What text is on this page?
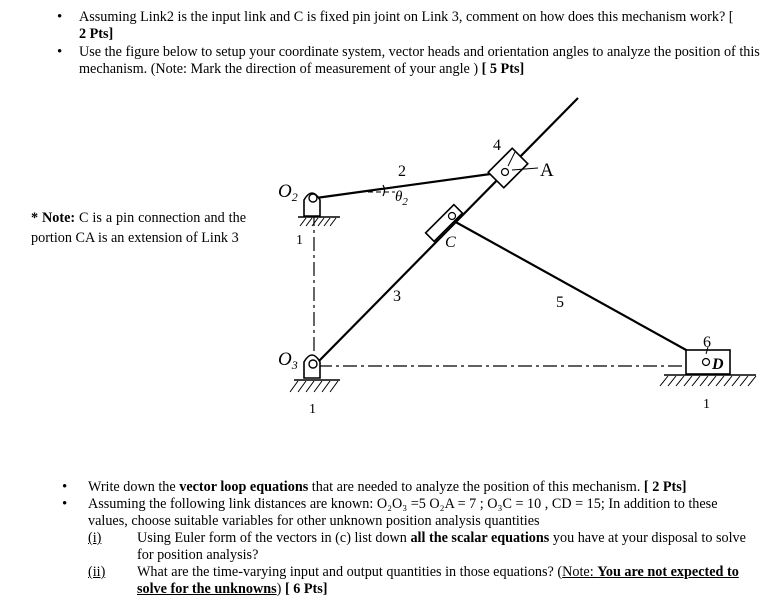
• Assuming Link2 is the input link and C is fixed pin joint on Link 3, comment on how does this mechanism work? [
2 Pts]
• Use the figure below to setup your coordinate system, vector heads and orientation angles to analyze the position of this mechanism. (Note: Mark the direction of measurement of your angle ) [ 5 Pts]
* Note: C is a pin connection and the portion CA is an extension of Link 3
$O_2$
$O_3$
1
1	1
$\theta_2$
2
3
4
5
6
A
C
D
• Write down the vector loop equations that are needed to analyze the position of this mechanism. [ 2 Pts]
• Assuming the following link distances are known: O₂O₃ =5 O₂A = 7 ; O₃C = 10 , CD = 15; In addition to these values, choose suitable variables for other unknown position analysis quantities
(i)	Using Euler form of the vectors in (c) list down all the scalar equations you have at your disposal to solve for position analysis?
(ii) What are the time-varying input and output quantities in those equations? (Note: You are not expected to solve for the unknowns) [ 6 Pts]
